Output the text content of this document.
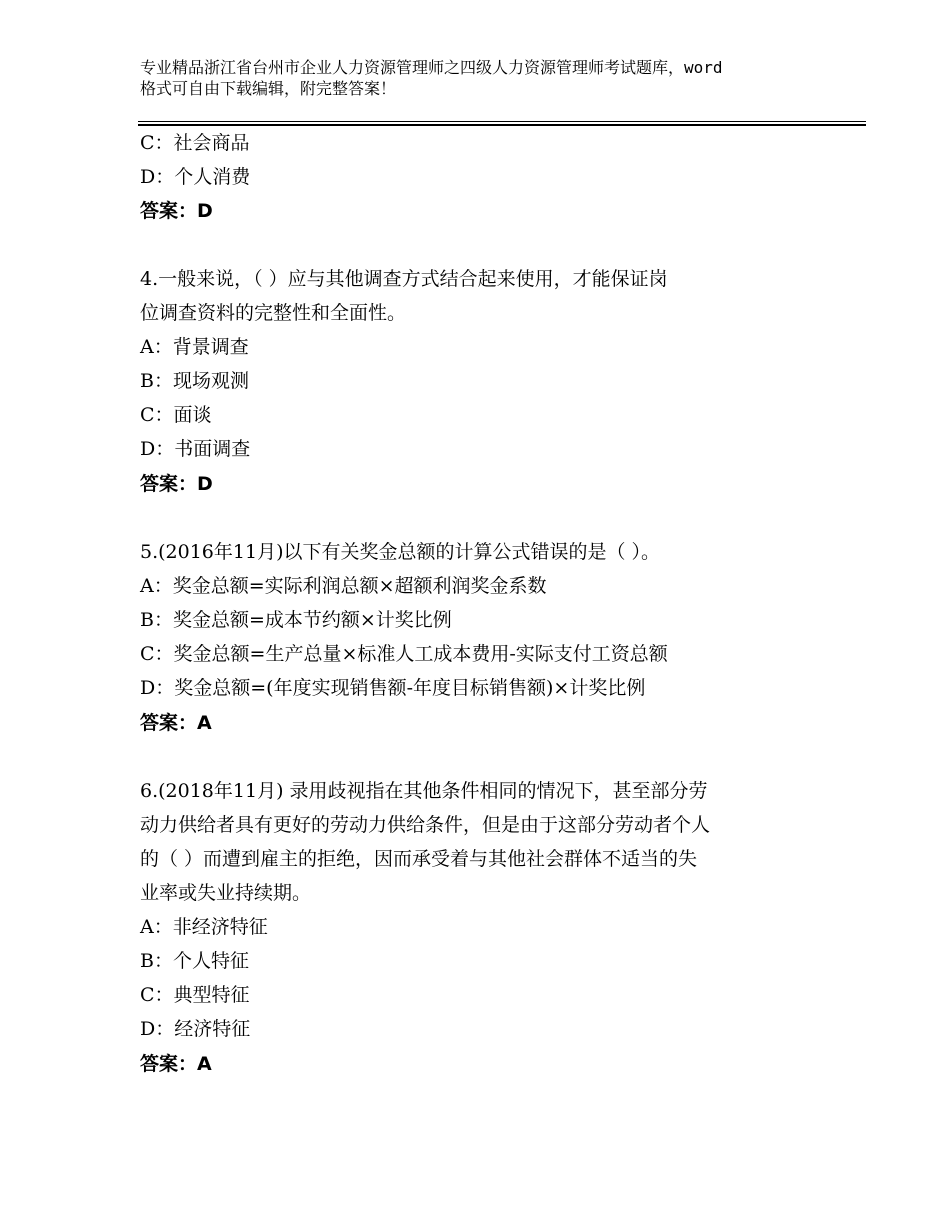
专业精品浙江省台州市企业人力资源管理师之四级人力资源管理师考试题库，word
格式可自由下载编辑，附完整答案！
C：社会商品
D：个人消费
答案：D
4.一般来说，（ ）应与其他调查方式结合起来使用，才能保证岗
位调查资料的完整性和全面性。
A：背景调查
B：现场观测
C：面谈
D：书面调查
答案：D
5.(2016年11月)以下有关奖金总额的计算公式错误的是（ ）。
A：奖金总额=实际利润总额×超额利润奖金系数
B：奖金总额=成本节约额×计奖比例
C：奖金总额=生产总量×标准人工成本费用-实际支付工资总额
D：奖金总额=(年度实现销售额-年度目标销售额)×计奖比例
答案：A
6.(2018年11月) 录用歧视指在其他条件相同的情况下，甚至部分劳
动力供给者具有更好的劳动力供给条件，但是由于这部分劳动者个人
的（ ）而遭到雇主的拒绝，因而承受着与其他社会群体不适当的失
业率或失业持续期。
A：非经济特征
B：个人特征
C：典型特征
D：经济特征
答案：A
